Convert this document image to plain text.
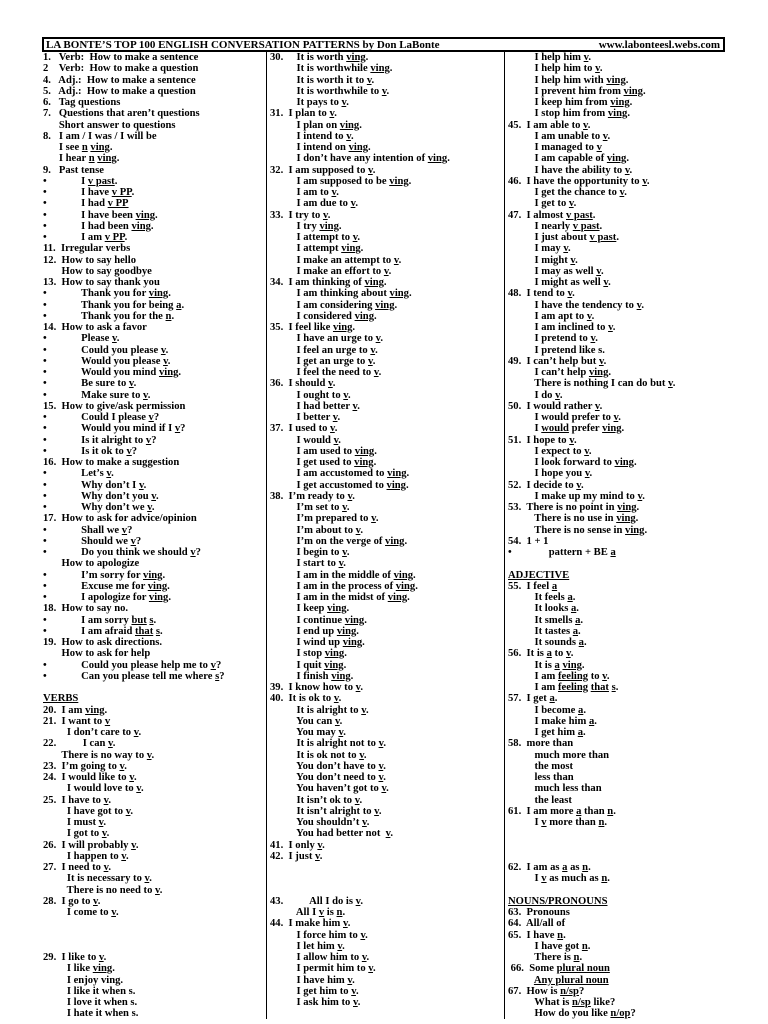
LA BONTE’S TOP 100 ENGLISH CONVERSATION PATTERNS by Don LaBonte	www.labonteesl.webs.com
1.   Verb:  How to make a sentence
2    Verb:  How to make a question
4.   Adj.:  How to make a sentence
5.   Adj.:  How to make a question
6.   Tag questions
7.   Questions that aren’t questions
Short answer to questions
8.   I am / I was / I will be
I see n ving.
I hear n ving.
9.   Past tense
•             I v past.
•             I have v PP.
•             I had v PP
•             I have been ving.
•             I had been ving.
•             I am v PP.
11.  Irregular verbs
12.  How to say hello
How to say goodbye
13.  How to say thank you
•             Thank you for ving.
•             Thank you for being a.
•             Thank you for the n.
14.  How to ask a favor
•             Please v.
•             Could you please v.
•             Would you please v.
•             Would you mind ving.
•             Be sure to v.
•             Make sure to v.
15.  How to give/ask permission
•             Could I please v?
•             Would you mind if I v?
•             Is it alright to v?
•             Is it ok to v?
16.  How to make a suggestion
•             Let’s v.
•             Why don’t I v.
•             Why don’t you v.
•             Why don’t we v.
17.  How to ask for advice/opinion
•             Shall we v?
•             Should we v?
•             Do you think we should v?
How to apologize
•             I’m sorry for ving.
•             Excuse me for ving.
•             I apologize for ving.
18.  How to say no.
•             I am sorry but s.
•             I am afraid that s.
19.  How to ask directions.
How to ask for help
•             Could you please help me to v?
•             Can you please tell me where s?
VERBS
20.  I am ving.
21.  I want to v
I don’t care to v.
22.          I can v.
There is no way to v.
23.  I’m going to v.
24.  I would like to v.
I would love to v.
25.  I have to v.
I have got to v.
I must v.
I got to v.
26.  I will probably v.
I happen to v.
27.  I need to v.
It is necessary to v.
There is no need to v.
28.  I go to v.
I come to v.
29.  I like to v.
I like ving.
I enjoy ving.
I like it when s.
I love it when s.
I hate it when s.
30.     It is worth ving.
It is worthwhile ving.
It is worth it to v.
It is worthwhile to v.
It pays to v.
31.  I plan to v.
I plan on ving.
I intend to v.
I intend on ving.
I don’t have any intention of ving.
32.  I am supposed to v.
I am supposed to be ving.
I am to v.
I am due to v.
33.  I try to v.
I try ving.
I attempt to v.
I attempt ving.
I make an attempt to v.
I make an effort to v.
34.  I am thinking of ving.
I am thinking about ving.
I am considering ving.
I considered ving.
35.  I feel like ving.
I have an urge to v.
I feel an urge to v.
I get an urge to v.
I feel the need to v.
36.  I should v.
I ought to v.
I had better v.
I better v.
37.  I used to v.
I would v.
I am used to ving.
I get used to ving.
I am accustomed to ving.
I get accustomed to ving.
38.  I’m ready to v.
I’m set to v.
I’m prepared to v.
I’m about to v.
I’m on the verge of ving.
I begin to v.
I start to v.
I am in the middle of ving.
I am in the process of ving.
I am in the midst of ving.
I keep ving.
I continue ving.
I end up ving.
I wind up ving.
I stop ving.
I quit ving.
I finish ving.
39.  I know how to v.
40.  It is ok to v.
It is alright to v.
You can v.
You may v.
It is alright not to v.
It is ok not to v.
You don’t have to v.
You don’t need to v.
You haven’t got to v.
It isn’t ok to v.
It isn’t alright to v.
You shouldn’t v.
You had better not  v.
41.  I only v.
42.  I just v.
43.          All I do is v.
All I v is n.
44.  I make him v.
I force him to v.
I let him v.
I allow him to v.
I permit him to v.
I have him v.
I get him to v.
I ask him to v.
I help him v.
I help him to v.
I help him with ving.
I prevent him from ving.
I keep him from ving.
I stop him from ving.
45.  I am able to v.
I am unable to v.
I managed to v
I am capable of ving.
I have the ability to v.
46.  I have the opportunity to v.
I get the chance to v.
I get to v.
47.  I almost v past.
I nearly v past.
I just about v past.
I may v.
I might v.
I may as well v.
I might as well v.
48.  I tend to v.
I have the tendency to v.
I am apt to v.
I am inclined to v.
I pretend to v.
I pretend like s.
49.  I can’t help but v.
I can’t help ving.
There is nothing I can do but v.
I do v.
50.  I would rather v.
I would prefer to v.
I would prefer ving.
51.  I hope to v.
I expect to v.
I look forward to ving.
I hope you v.
52.  I decide to v.
I make up my mind to v.
53.  There is no point in ving.
There is no use in ving.
There is no sense in ving.
54.  1 + 1
•              pattern + BE a
ADJECTIVE
55.  I feel a
It feels a.
It looks a.
It smells a.
It tastes a.
It sounds a.
56.  It is a to v.
It is a ving.
I am feeling to v.
I am feeling that s.
57.  I get a.
I become a.
I make him a.
I get him a.
58.  more than
much more than
the most
less than
much less than
the least
61.  I am more a than n.
I v more than n.
62.  I am as a as n.
I v as much as n.
NOUNS/PRONOUNS
63.  Pronouns
64.  All/all of
65.  I have n.
I have got n.
There is n.
66.  Some plural noun
Any plural noun
67.  How is n/sp?
What is n/sp like?
How do you like n/op?
